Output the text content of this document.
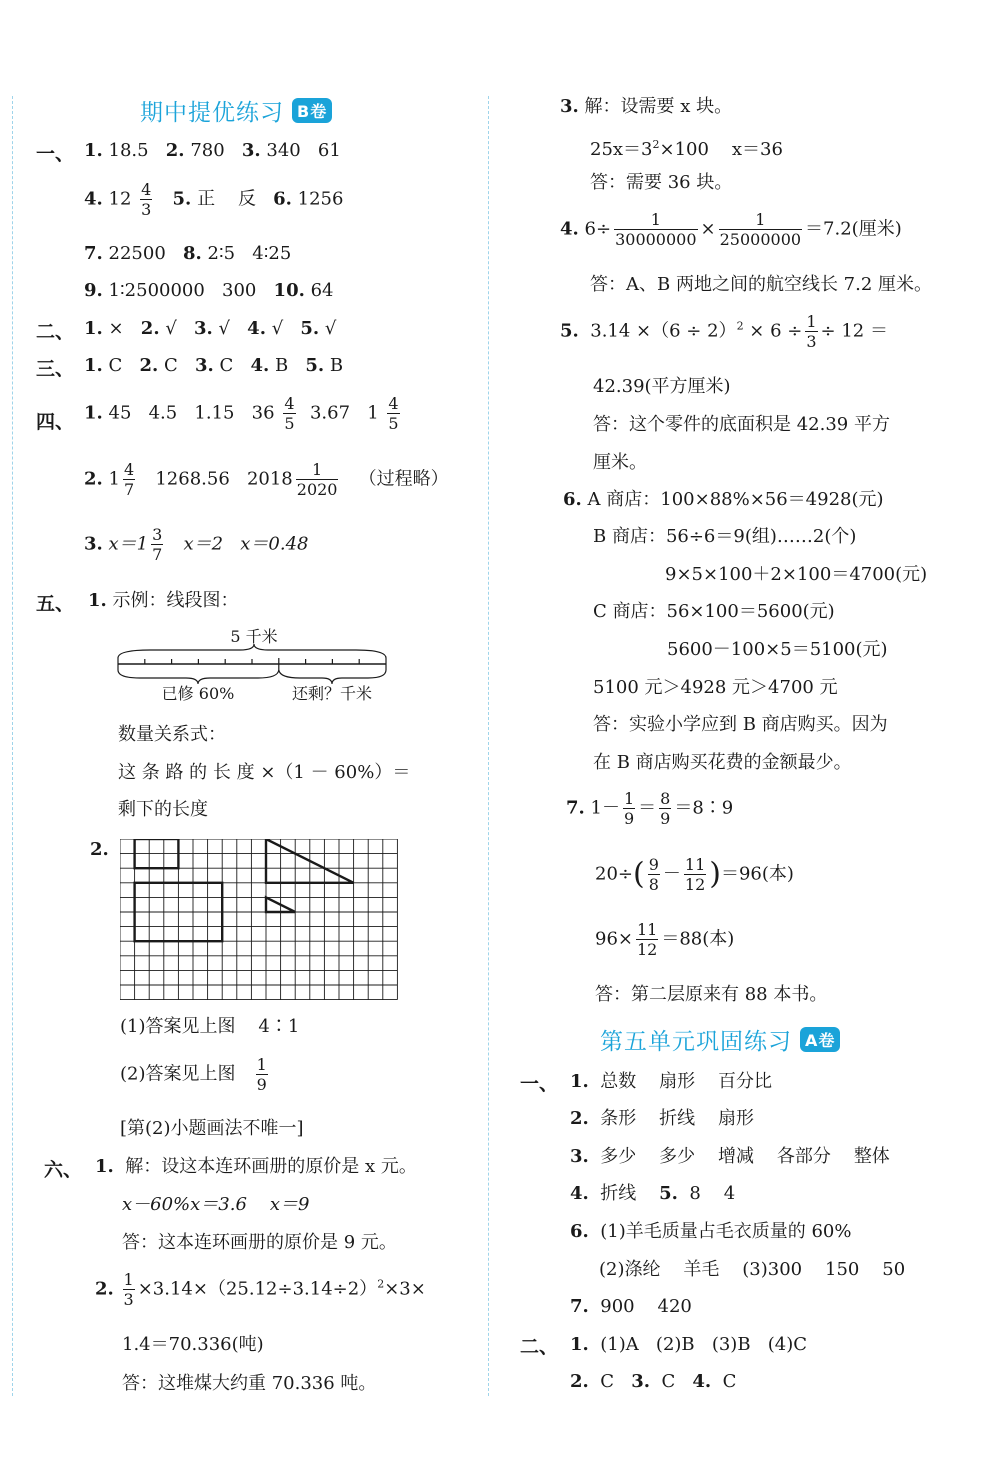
期中提优练习 B卷
一、 1. 18.5 2. 780 3. 340 61
4. $12 \frac{4}{3} 5$. 正 反 6. 1256
7. 22500 8. 2∶5 4∶25
9. 1∶2500000 300 10. 64
二、 1. × 2. √ 3. √ 4. √ 5. √
三、 1. C 2. C 3. C 4. B 5. B
四、 1. 45 4.5 1.15 $36 \frac{4}{5} 3.67$ $1 \frac{4}{5}$
2. $1 \frac{4}{7} 1268.56$ $2018 \frac{1}{2020}$ （过程略）
3. $x=1 \frac{3}{7} x=2$ x＝0.48
五、 1. 示例：线段图：
5 千米
已修 60%	还剩？千米
数量关系式：
这 条 路 的 长 度 ×（1 － 60%）＝
剩下的长度
2.
(1)答案见上图 4∶1
(2)答案见上图 $\frac{1}{9}$
[第(2)小题画法不唯一]
六、 1. 解：设这本连环画册的原价是 x 元。
x－60%x＝3.6 x＝9
答：这本连环画册的原价是 9 元。
2. $\frac{1}{3} \times 3.14\times(25.12\div 3.14\div 2)^2\times 3\times$
1.4＝70.336(吨)
答：这堆煤大约重 70.336 吨。
3. 解：设需要 x 块。
$25x=3^2\times 100$ x＝36
答：需要 36 块。
4. $6\div \frac{1}{30000000} \times \frac{1}{25000000} =7.2$(厘米)
答：A、B 两地之间的航空线长 7.2 厘米。
5. $3.14 \times(6 \div 2)^2 \times 6 \div \frac{1}{3} \div 12$ ＝
42.39(平方厘米)
答：这个零件的底面积是 42.39 平方
厘米。
6. A 商店：100×88%×56＝4928(元)
B 商店：56÷6＝9(组)……2(个)
9×5×100＋2×100＝4700(元)
C 商店：56×100＝5600(元)
5600－100×5＝5100(元)
5100 元＞4928 元＞4700 元
答：实验小学应到 B 商店购买。因为
在 B 商店购买花费的金额最少。
7. $1- \frac{1}{9} = \frac{8}{9}$ ＝8∶9
$20\div( \frac{9}{8} - \frac{11}{12} )=96$(本)
$96\times \frac{11}{12} =88$(本)
答：第二层原来有 88 本书。
第五单元巩固练习 A卷
一、 1. 总数 扇形 百分比
2. 条形 折线 扇形
3. 多少 多少 增减 各部分 整体
4. 折线 5. 8 4
6. (1)羊毛质量占毛衣质量的 60%
(2)涤纶 羊毛 (3)300 150 50
7. 900 420
二、 1. (1)A (2)B (3)B (4)C
2. C 3. C 4. C
